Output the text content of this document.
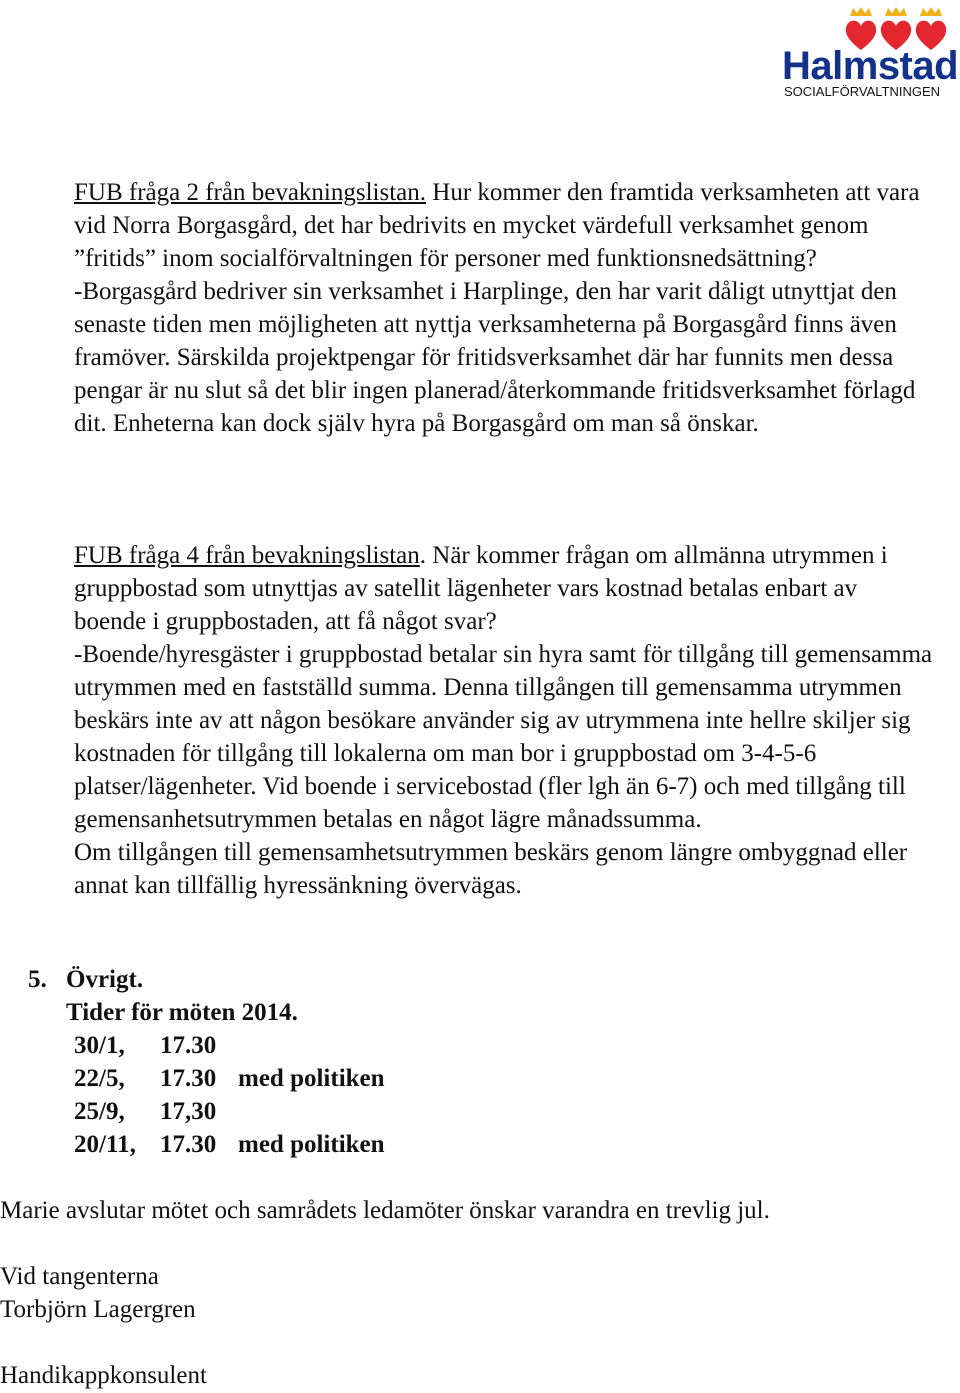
Halmstad
SOCIALFÖRVALTNINGEN

FUB fråga 2 från bevakningslistan. Hur kommer den framtida verksamheten att vara vid Norra Borgasgård, det har bedrivits en mycket värdefull verksamhet genom ”fritids” inom socialförvaltningen för personer med funktionsnedsättning?

-Borgasgård bedriver sin verksamhet i Harplinge, den har varit dåligt utnyttjat den senaste tiden men möjligheten att nyttja verksamheterna på Borgasgård finns även framöver. Särskilda projektpengar för fritidsverksamhet där har funnits men dessa pengar är nu slut så det blir ingen planerad/återkommande fritidsverksamhet förlagd dit. Enheterna kan dock själv hyra på Borgasgård om man så önskar.

FUB fråga 4 från bevakningslistan. När kommer frågan om allmänna utrymmen i gruppbostad som utnyttjas av satellit lägenheter vars kostnad betalas enbart av boende i gruppbostaden, att få något svar?

-Boende/hyresgäster i gruppbostad betalar sin hyra samt för tillgång till gemensamma utrymmen med en fastställd summa. Denna tillgången till gemensamma utrymmen beskärs inte av att någon besökare använder sig av utrymmena inte hellre skiljer sig kostnaden för tillgång till lokalerna om man bor i gruppbostad om 3-4-5-6 platser/lägenheter. Vid boende i servicebostad (fler lgh än 6-7) och med tillgång till gemensanhetsutrymmen betalas en något lägre månadssumma.

Om tillgången till gemensamhetsutrymmen beskärs genom längre ombyggnad eller annat kan tillfällig hyressänkning övervägas.

5. Övrigt.
Tider för möten 2014.
30/1, 17.30
22/5, 17.30 med politiken
25/9, 17,30
20/11, 17.30 med politiken

Marie avslutar mötet och samrådets ledamöter önskar varandra en trevlig jul.

Vid tangenterna

Torbjörn Lagergren

Handikappkonsulent
